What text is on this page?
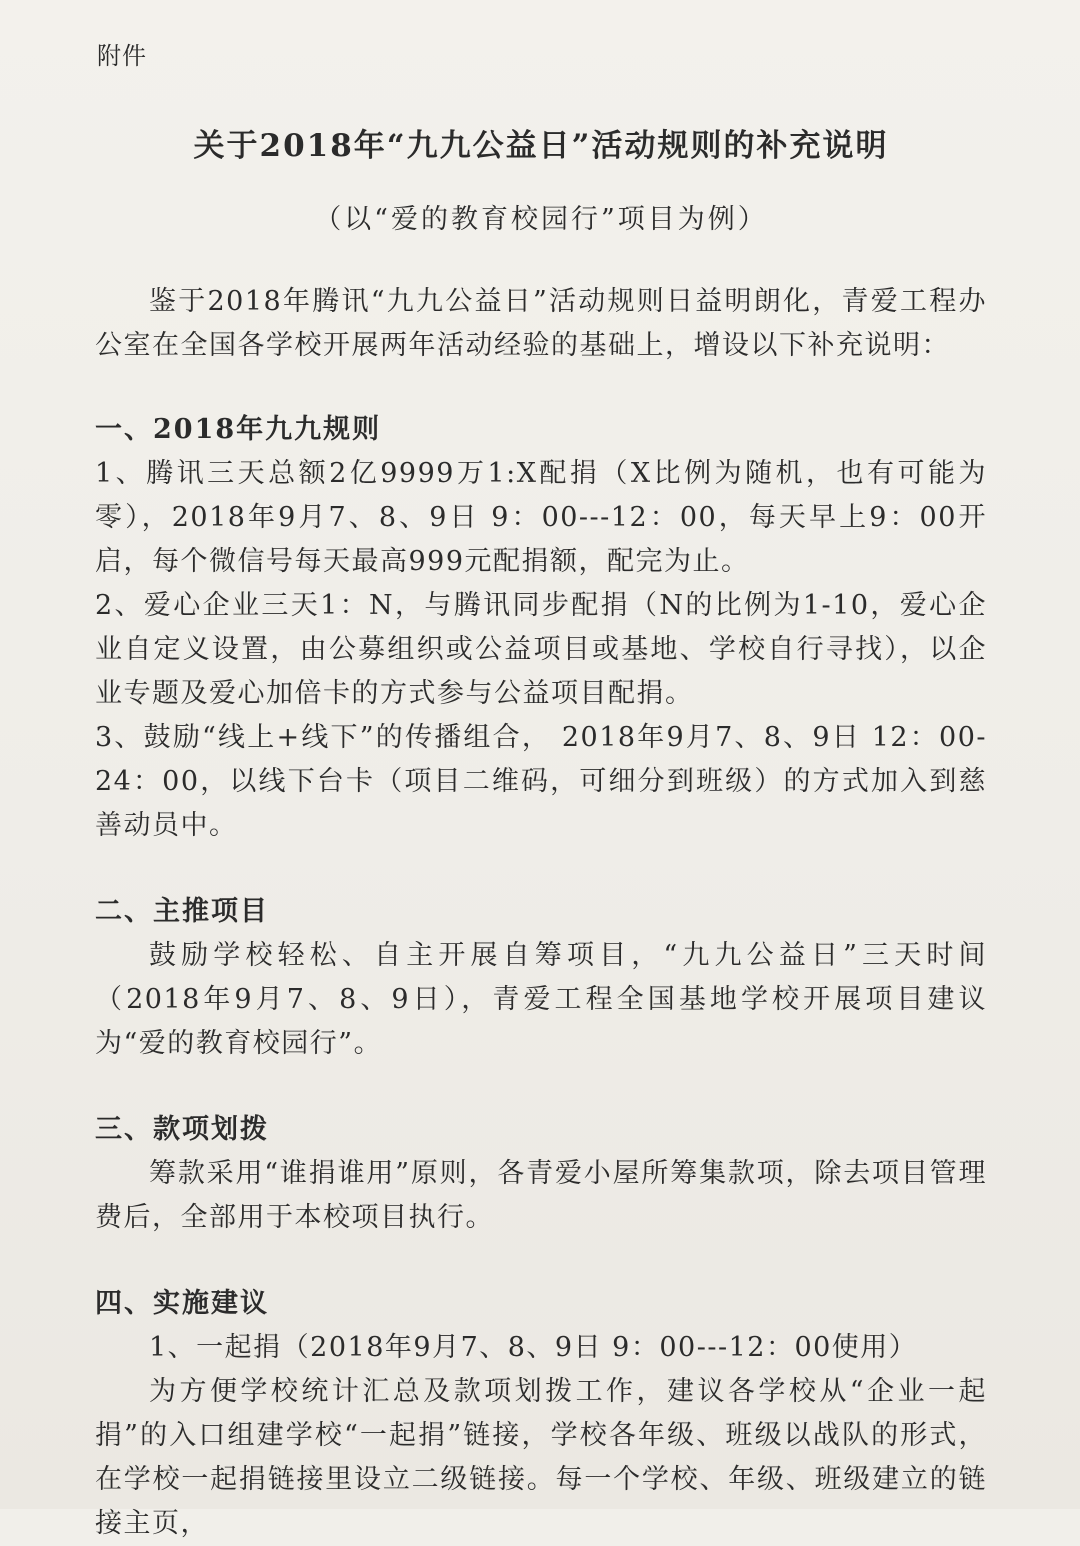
附件
关于2018年“九九公益日”活动规则的补充说明
（以“爱的教育校园行”项目为例）

鉴于2018年腾讯“九九公益日”活动规则日益明朗化，青爱工程办公室在全国各学校开展两年活动经验的基础上，增设以下补充说明：

一、2018年九九规则

1、腾讯三天总额2亿9999万1:X配捐（X比例为随机，也有可能为零），2018年9月7、8、9日 9：00---12：00，每天早上9：00开启，每个微信号每天最高999元配捐额，配完为止。

2、爱心企业三天1：N，与腾讯同步配捐（N的比例为1-10，爱心企业自定义设置，由公募组织或公益项目或基地、学校自行寻找），以企业专题及爱心加倍卡的方式参与公益项目配捐。

3、鼓励“线上+线下”的传播组合， 2018年9月7、8、9日 12：00-24：00，以线下台卡（项目二维码，可细分到班级）的方式加入到慈善动员中。

二、主推项目

鼓励学校轻松、自主开展自筹项目，“九九公益日”三天时间（2018年9月7、8、9日），青爱工程全国基地学校开展项目建议为“爱的教育校园行”。

三、款项划拨

筹款采用“谁捐谁用”原则，各青爱小屋所筹集款项，除去项目管理费后，全部用于本校项目执行。

四、实施建议

1、一起捐（2018年9月7、8、9日 9：00---12：00使用）

为方便学校统计汇总及款项划拨工作，建议各学校从“企业一起捐”的入口组建学校“一起捐”链接，学校各年级、班级以战队的形式，在学校一起捐链接里设立二级链接。每一个学校、年级、班级建立的链接主页，
